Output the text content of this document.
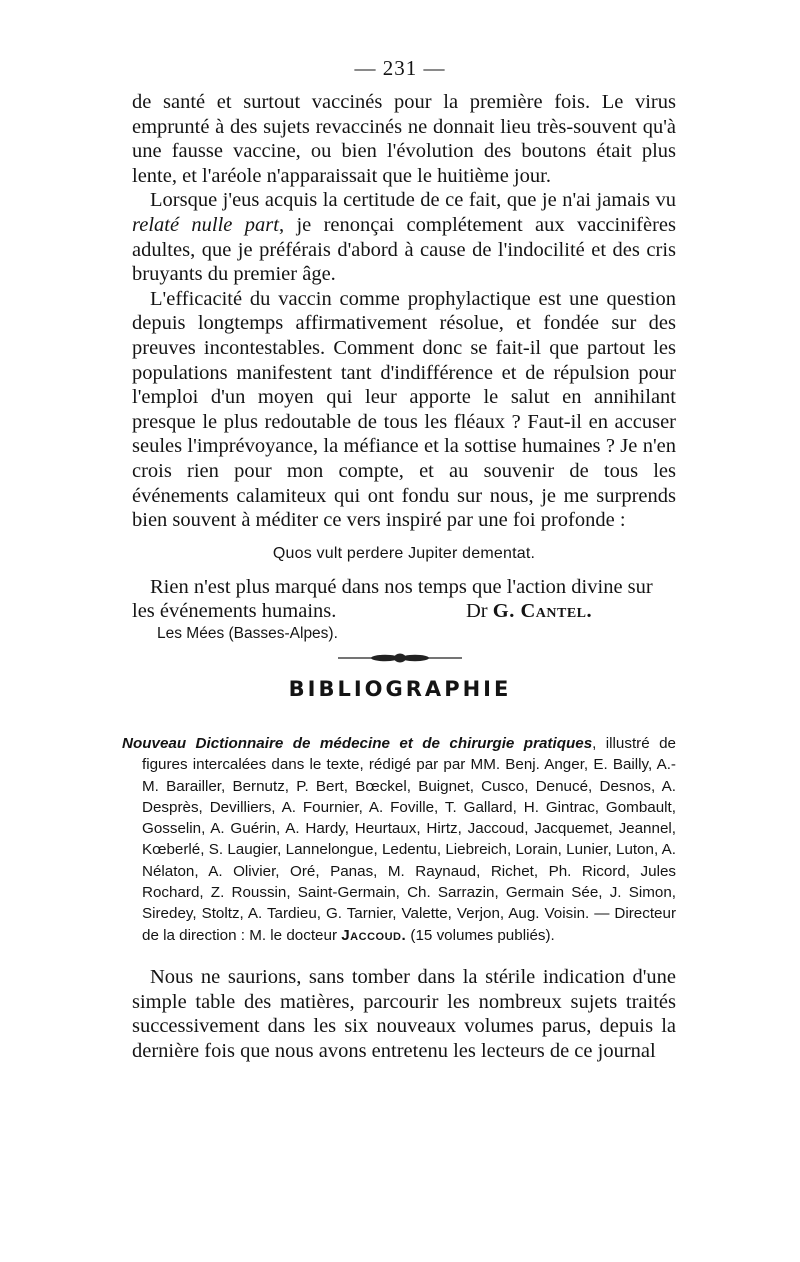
— 231 —

de santé et surtout vaccinés pour la première fois. Le virus emprunté à des sujets revaccinés ne donnait lieu très-souvent qu'à une fausse vaccine, ou bien l'évolution des boutons était plus lente, et l'aréole n'apparaissait que le huitième jour.

Lorsque j'eus acquis la certitude de ce fait, que je n'ai jamais vu relaté nulle part, je renonçai complétement aux vaccinifères adultes, que je préférais d'abord à cause de l'indocilité et des cris bruyants du premier âge.

L'efficacité du vaccin comme prophylactique est une question depuis longtemps affirmativement résolue, et fondée sur des preuves incontestables. Comment donc se fait-il que partout les populations manifestent tant d'indifférence et de répulsion pour l'emploi d'un moyen qui leur apporte le salut en annihilant presque le plus redoutable de tous les fléaux ? Faut-il en accuser seules l'imprévoyance, la méfiance et la sottise humaines ? Je n'en crois rien pour mon compte, et au souvenir de tous les événements calamiteux qui ont fondu sur nous, je me surprends bien souvent à méditer ce vers inspiré par une foi profonde :

Quos vult perdere Jupiter dementat.

Rien n'est plus marqué dans nos temps que l'action divine sur

les événements humains.	Dr G. Cantel.
Les Mées (Basses-Alpes).
BIBLIOGRAPHIE

Nouveau Dictionnaire de médecine et de chirurgie pratiques, illustré de figures intercalées dans le texte, rédigé par par MM. Benj. Anger, E. Bailly, A.-M. Barailler, Bernutz, P. Bert, Bœckel, Buignet, Cusco, Denucé, Desnos, A. Desprès, Devilliers, A. Fournier, A. Foville, T. Gallard, H. Gintrac, Gombault, Gosselin, A. Guérin, A. Hardy, Heurtaux, Hirtz, Jaccoud, Jacquemet, Jeannel, Kœberlé, S. Laugier, Lannelongue, Ledentu, Liebreich, Lorain, Lunier, Luton, A. Nélaton, A. Olivier, Oré, Panas, M. Raynaud, Richet, Ph. Ricord, Jules Rochard, Z. Roussin, Saint-Germain, Ch. Sarrazin, Germain Sée, J. Simon, Siredey, Stoltz, A. Tardieu, G. Tarnier, Valette, Verjon, Aug. Voisin. — Directeur de la direction : M. le docteur Jaccoud. (15 volumes publiés).

Nous ne saurions, sans tomber dans la stérile indication d'une simple table des matières, parcourir les nombreux sujets traités successivement dans les six nouveaux volumes parus, depuis la dernière fois que nous avons entretenu les lecteurs de ce journal
